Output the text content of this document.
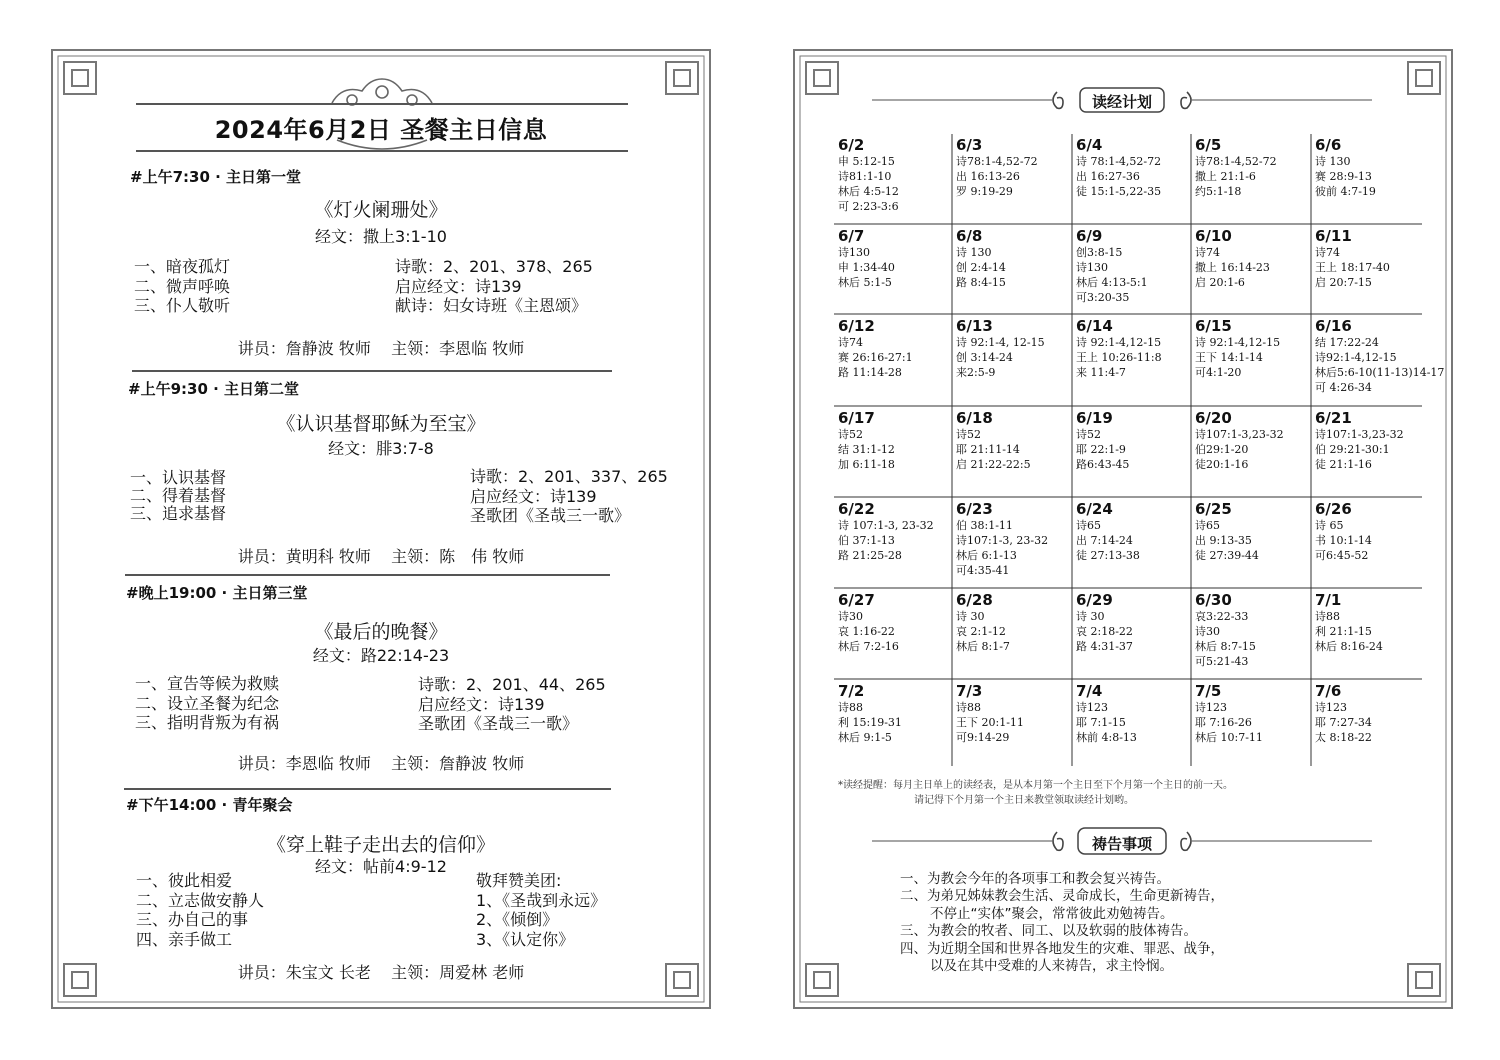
2024年6月2日 圣餐主日信息
#上午7:30 · 主日第一堂
《灯火阑珊处》
经文：撒上3:1-10
一、暗夜孤灯
二、微声呼唤
三、仆人敬听
诗歌：2、201、378、265
启应经文：诗139
献诗：妇女诗班《主恩颂》
讲员：詹静波 牧师    主领：李恩临 牧师
#上午9:30 · 主日第二堂
《认识基督耶稣为至宝》
经文：腓3:7-8
一、认识基督
二、得着基督
三、追求基督
诗歌：2、201、337、265
启应经文：诗139
圣歌团《圣哉三一歌》
讲员：黄明科 牧师    主领：陈　伟 牧师
#晚上19:00 · 主日第三堂
《最后的晚餐》
经文：路22:14-23
一、宣告等候为救赎
二、设立圣餐为纪念
三、指明背叛为有祸
诗歌：2、201、44、265
启应经文：诗139
圣歌团《圣哉三一歌》
讲员：李恩临 牧师    主领：詹静波 牧师
#下午14:00 · 青年聚会
《穿上鞋子走出去的信仰》
经文：帖前4:9-12
一、彼此相爱
二、立志做安静人
三、办自己的事
四、亲手做工
敬拜赞美团:
1、《圣哉到永远》
2、《倾倒》
3、《认定你》
讲员：朱宝文 长老    主领：周爱林 老师
读经计划
6/2
申 5:12-15
诗81:1-10
林后 4:5-12
可 2:23-3:6
6/3
诗78:1-4,52-72
出 16:13-26
罗 9:19-29
6/4
诗 78:1-4,52-72
出 16:27-36
徒 15:1-5,22-35
6/5
诗78:1-4,52-72
撒上 21:1-6
约5:1-18
6/6
诗 130
赛 28:9-13
彼前 4:7-19
6/7
诗130
申 1:34-40
林后 5:1-5
6/8
诗 130
创 2:4-14
路 8:4-15
6/9
创3:8-15
诗130
林后 4:13-5:1
可3:20-35
6/10
诗74
撒上 16:14-23
启 20:1-6
6/11
诗74
王上 18:17-40
启 20:7-15
6/12
诗74
赛 26:16-27:1
路 11:14-28
6/13
诗 92:1-4, 12-15
创 3:14-24
来2:5-9
6/14
诗 92:1-4,12-15
王上 10:26-11:8
来 11:4-7
6/15
诗 92:1-4,12-15
王下 14:1-14
可4:1-20
6/16
结 17:22-24
诗92:1-4,12-15
林后5:6-10(11-13)14-17
可 4:26-34
6/17
诗52
结 31:1-12
加 6:11-18
6/18
诗52
耶 21:11-14
启 21:22-22:5
6/19
诗52
耶 22:1-9
路6:43-45
6/20
诗107:1-3,23-32
伯29:1-20
徒20:1-16
6/21
诗107:1-3,23-32
伯 29:21-30:1
徒 21:1-16
6/22
诗 107:1-3, 23-32
伯 37:1-13
路 21:25-28
6/23
伯 38:1-11
诗107:1-3, 23-32
林后 6:1-13
可4:35-41
6/24
诗65
出 7:14-24
徒 27:13-38
6/25
诗65
出 9:13-35
徒 27:39-44
6/26
诗 65
书 10:1-14
可6:45-52
6/27
诗30
哀 1:16-22
林后 7:2-16
6/28
诗 30
哀 2:1-12
林后 8:1-7
6/29
诗 30
哀 2:18-22
路 4:31-37
6/30
哀3:22-33
诗30
林后 8:7-15
可5:21-43
7/1
诗88
利 21:1-15
林后 8:16-24
7/2
诗88
利 15:19-31
林后 9:1-5
7/3
诗88
王下 20:1-11
可9:14-29
7/4
诗123
耶 7:1-15
林前 4:8-13
7/5
诗123
耶 7:16-26
林后 10:7-11
7/6
诗123
耶 7:27-34
太 8:18-22
*读经提醒：每月主日单上的读经表，是从本月第一个主日至下个月第一个主日的前一天。
请记得下个月第一个主日来教堂领取读经计划哟。
祷告事项
一、为教会今年的各项事工和教会复兴祷告。
二、为弟兄姊妹教会生活、灵命成长，生命更新祷告，
不停止“实体”聚会，常常彼此劝勉祷告。
三、为教会的牧者、同工、以及软弱的肢体祷告。
四、为近期全国和世界各地发生的灾难、罪恶、战争，
以及在其中受难的人来祷告，求主怜悯。
